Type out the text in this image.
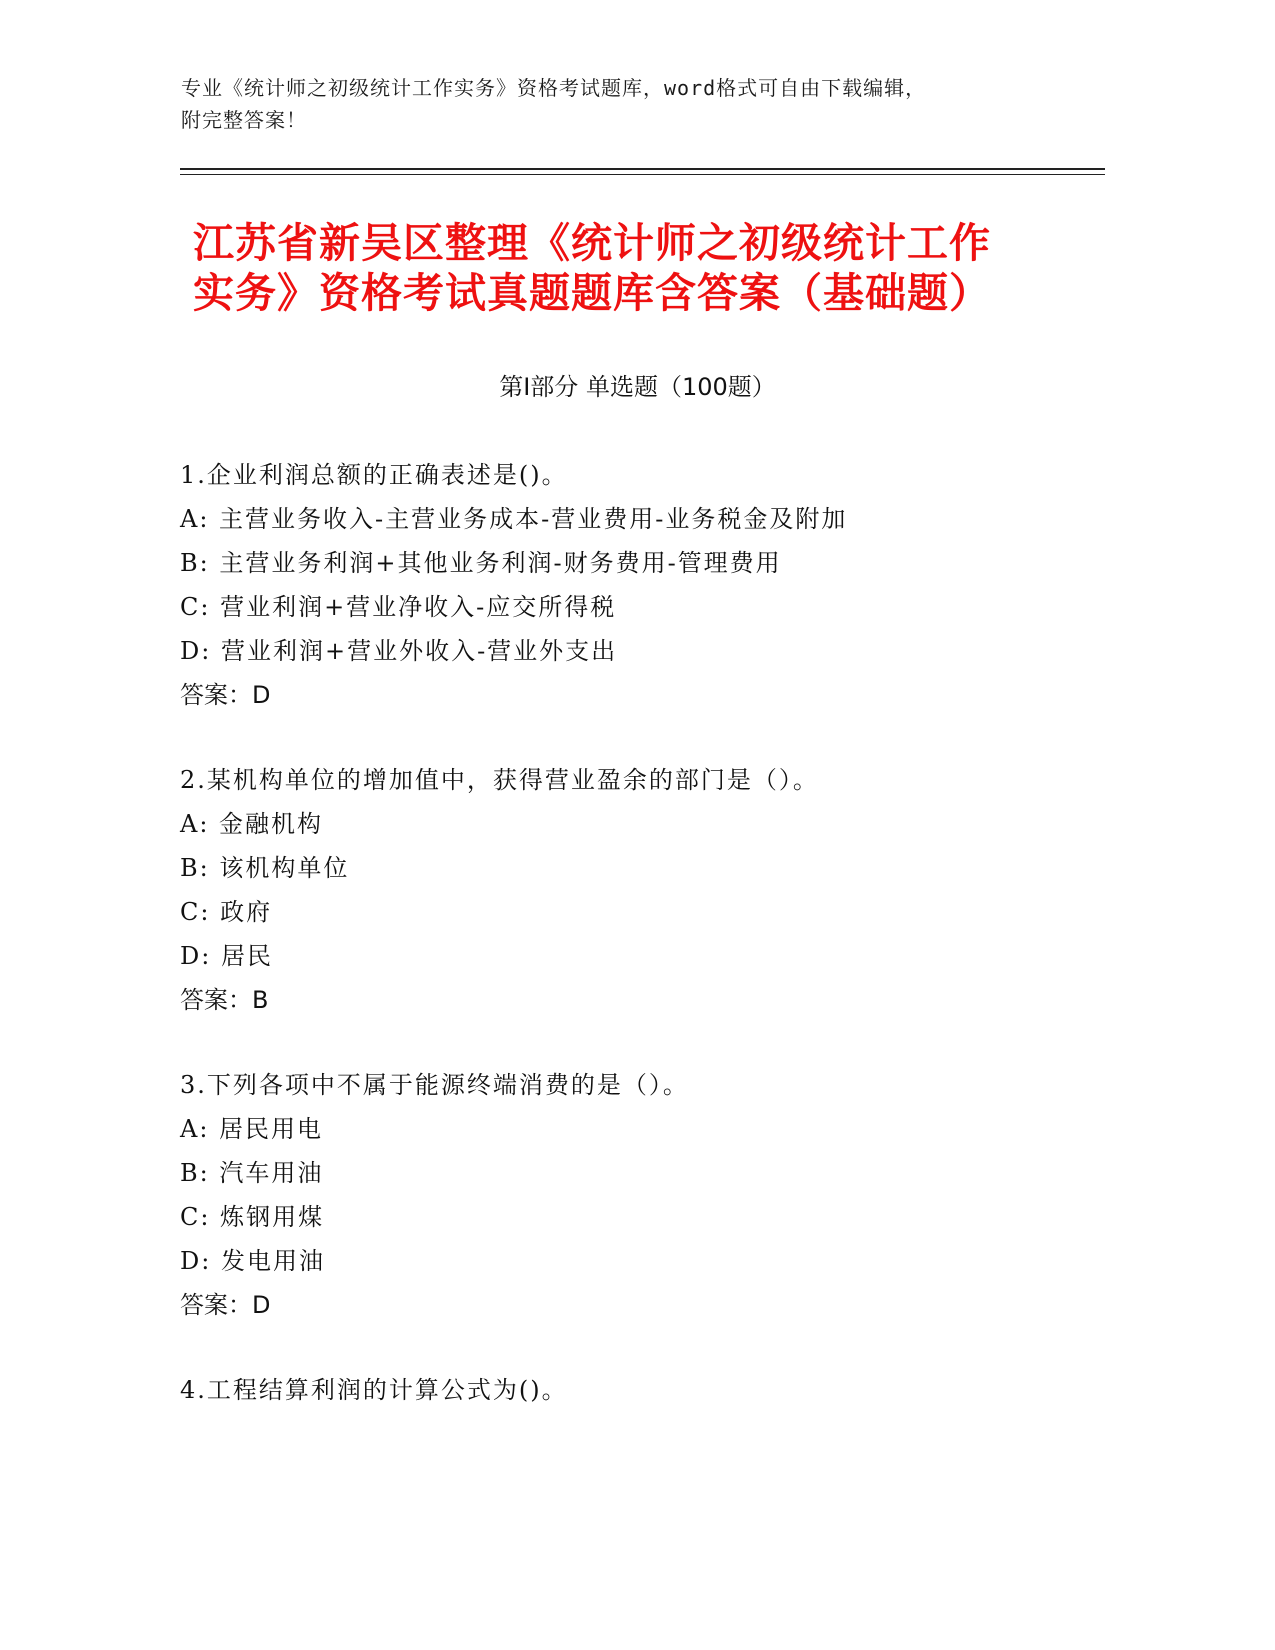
专业《统计师之初级统计工作实务》资格考试题库，word格式可自由下载编辑，
附完整答案！
江苏省新吴区整理《统计师之初级统计工作
实务》资格考试真题题库含答案（基础题）
第Ⅰ部分 单选题（100题）
1.企业利润总额的正确表述是()。
A: 主营业务收入-主营业务成本-营业费用-业务税金及附加
B: 主营业务利润+其他业务利润-财务费用-管理费用
C: 营业利润+营业净收入-应交所得税
D: 营业利润+营业外收入-营业外支出
答案：D
2.某机构单位的增加值中，获得营业盈余的部门是（）。
A: 金融机构
B: 该机构单位
C: 政府
D: 居民
答案：B
3.下列各项中不属于能源终端消费的是（）。
A: 居民用电
B: 汽车用油
C: 炼钢用煤
D: 发电用油
答案：D
4.工程结算利润的计算公式为()。
